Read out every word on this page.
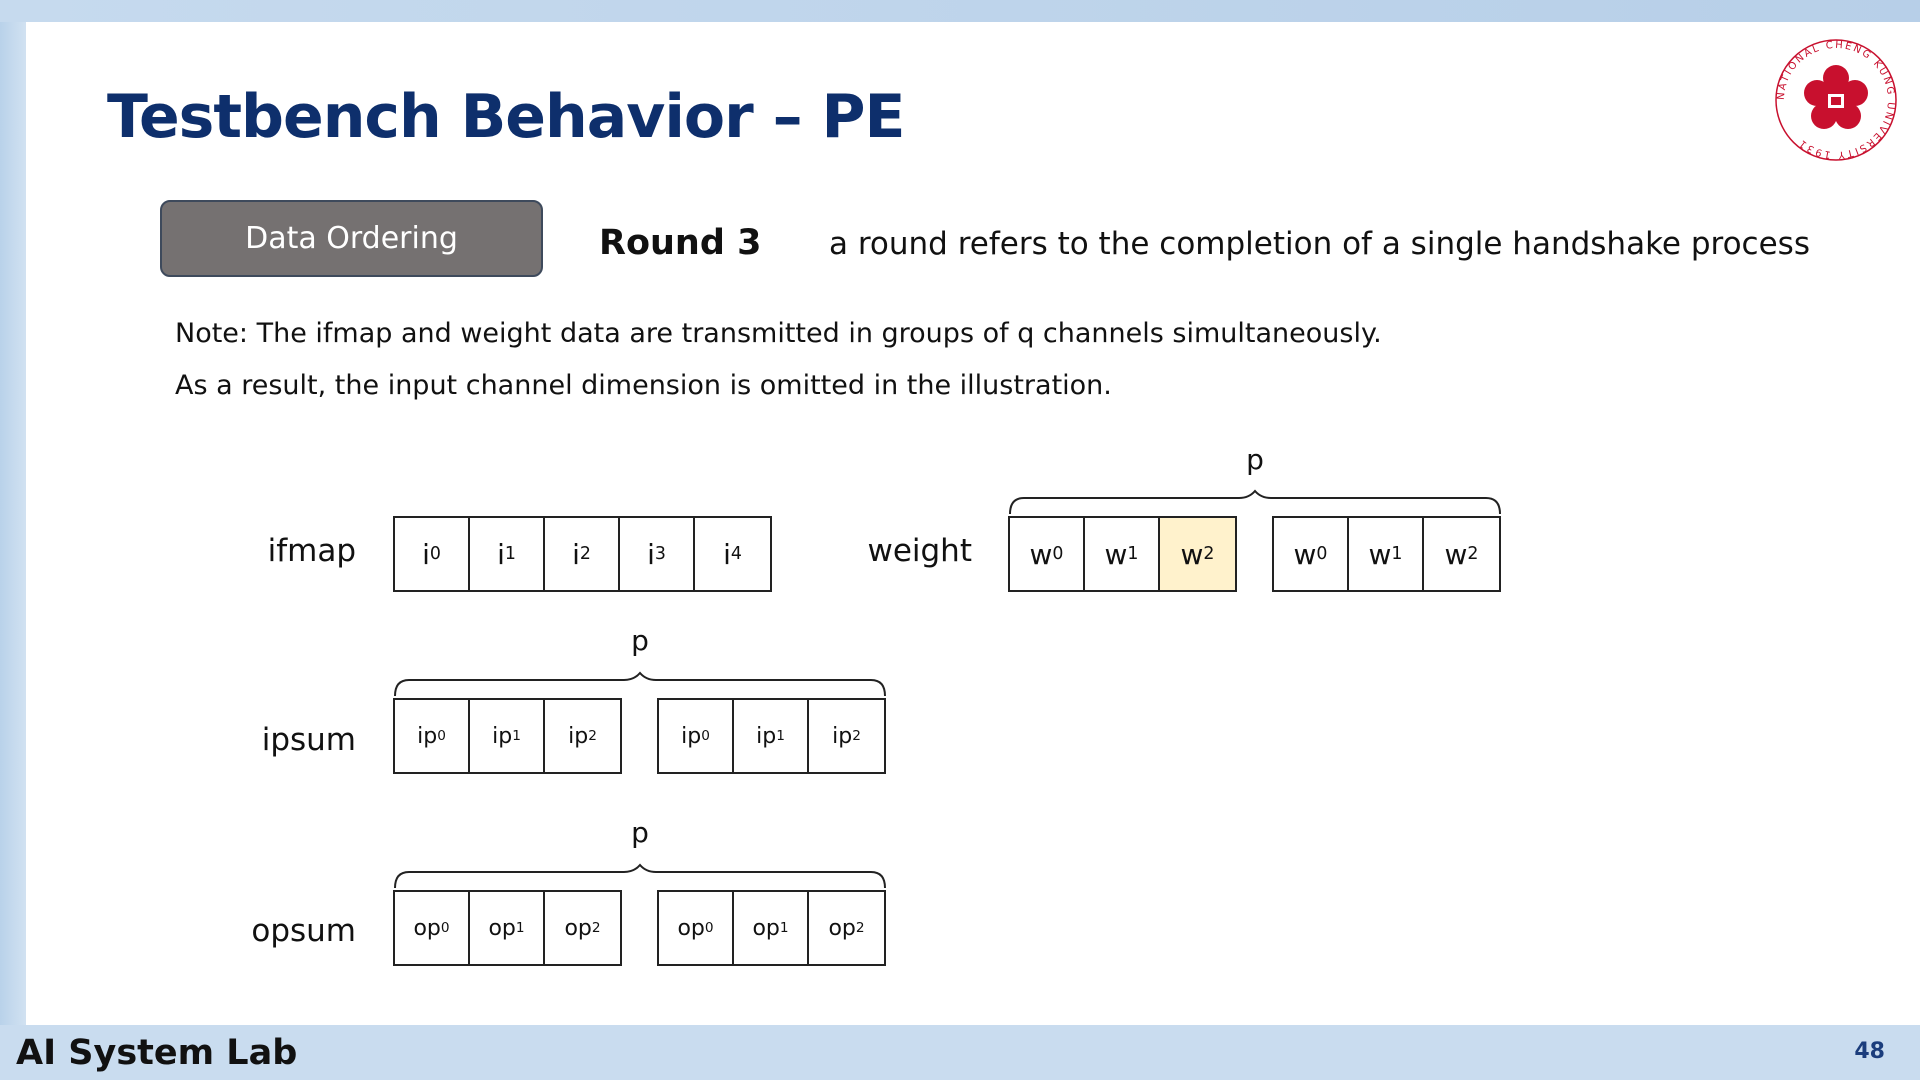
Testbench Behavior – PE	NATIONAL CHENG KUNG UNIVERSITY 1931
Data Ordering	Round 3 a round refers to the completion of a single handshake process
Note: The ifmap and weight data are transmitted in groups of q channels simultaneously.
As a result, the input channel dimension is omitted in the illustration.
ifmap	weight
ipsum
opsum
i 0 i 1 i 2 i 3 i 4	w 0 w 1 w 2	w 0 w 1 w 2
ip 0 ip 1 ip 2	ip 0 ip 1 ip 2
op 0 op 1 op 2	op 0 op 1 op 2
p
p
p
AI System Lab	48
